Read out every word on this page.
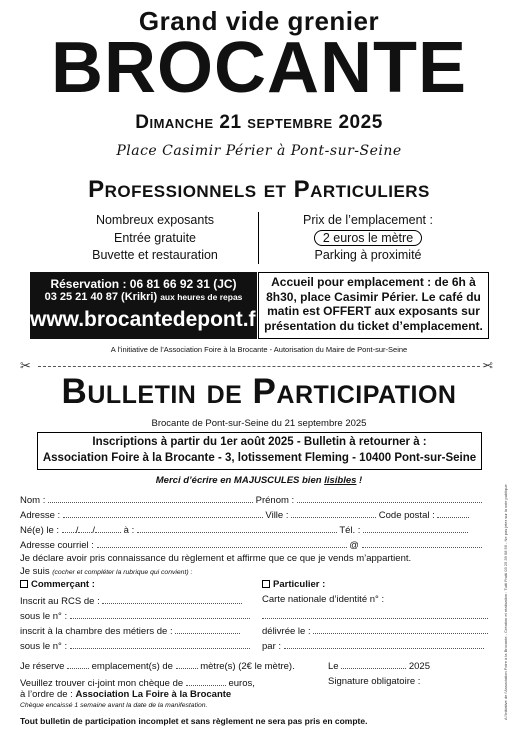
Grand vide grenier
BROCANTE
Dimanche 21 septembre 2025
Place Casimir Périer à Pont-sur-Seine
Professionnels et Particuliers
Nombreux exposants
Entrée gratuite
Buvette et restauration
Prix de l’emplacement :
2 euros le mètre
Parking à proximité
Réservation : 06 81 66 92 31 (JC)
03 25 21 40 87 (Krikri) aux heures de repas
www.brocantedepont.fr
Accueil pour emplacement : de 6h à
8h30, place Casimir Périer. Le café du
matin est OFFERT aux exposants sur
présentation du ticket d’emplacement.
A l’initiative de l’Association Foire à la Brocante - Autorisation du Maire de Pont-sur-Seine
✂	✂
Bulletin de Participation
Brocante de Pont-sur-Seine du 21 septembre 2025
Inscriptions à partir du 1er août 2025 - Bulletin à retourner à :
Association Foire à la Brocante - 3, lotissement Fleming - 10400 Pont-sur-Seine
Merci d’écrire en MAJUSCULES bien lisibles !
Nom :	Prénom :
Adresse :	Ville :	Code postal :
Né(e) le : / /	à :	Tél. :
Adresse courriel :	@
Je déclare avoir pris connaissance du règlement et affirme que ce que je vends m’appartient.
Je suis (cocher et compléter la rubrique qui convient) :
Commerçant :	Particulier :
Inscrit au RCS de :
sous le n° :
inscrit à la chambre des métiers de :
sous le n° :
Carte nationale d’identité n° :
délivrée le :
par :
Je réserve	emplacement(s) de	mètre(s) (2€ le mètre).	Le	2025
Veuillez trouver ci-joint mon chèque de	euros,	Signature obligatoire :
à l’ordre de : Association La Foire à la Brocante
Chèque encaissé 1 semaine avant la date de la manifestation.
Tout bulletin de participation incomplet et sans règlement ne sera pas pris en compte.
A l’initiative de l’Association Foire à la Brocante - Création et réalisation : Tutti Frutti 03 25 39 58 59 - Ne pas jeter sur la voie publique
